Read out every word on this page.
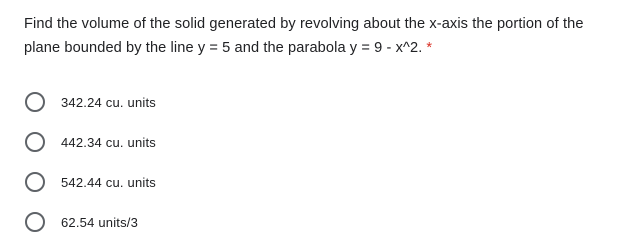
Find the volume of the solid generated by revolving about the x-axis the portion of the plane bounded by the line y = 5 and the parabola y = 9 - x^2. *

342.24 cu. units
442.34 cu. units
542.44 cu. units
62.54 units/3
